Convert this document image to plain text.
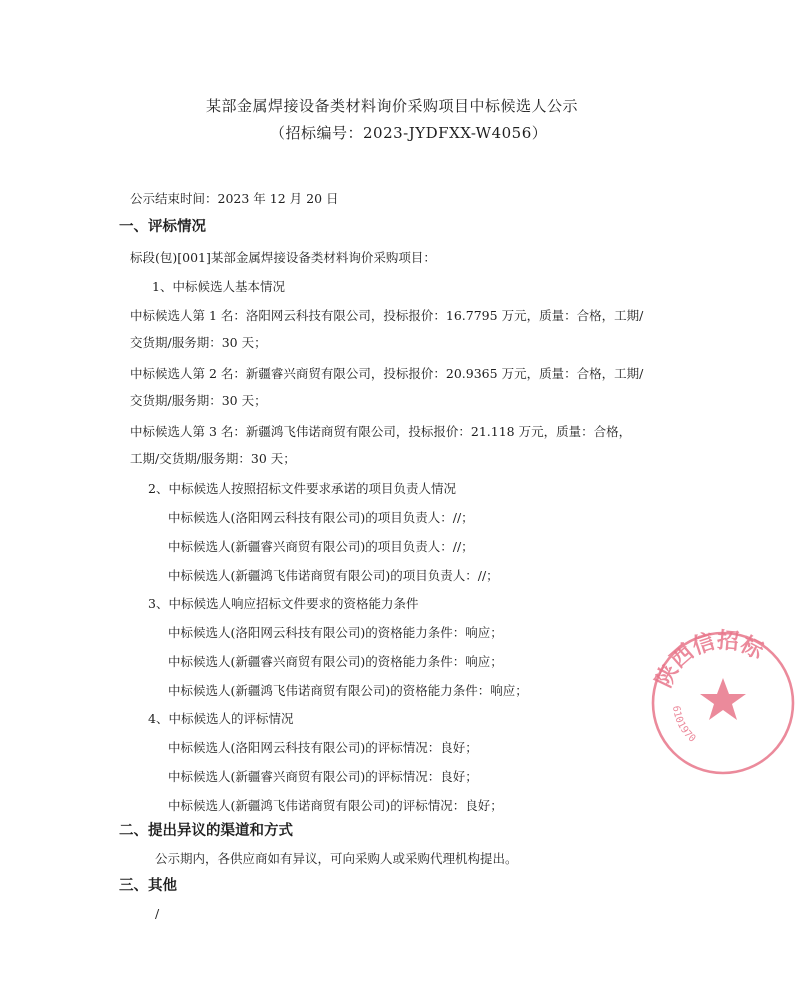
某部金属焊接设备类材料询价采购项目中标候选人公示
（招标编号：2023-JYDFXX-W4056）
公示结束时间：2023 年 12 月 20 日
一、评标情况
标段(包)[001]某部金属焊接设备类材料询价采购项目：
1、中标候选人基本情况
中标候选人第 1 名：洛阳网云科技有限公司，投标报价：16.7795 万元，质量：合格，工期/
交货期/服务期：30 天；
中标候选人第 2 名：新疆睿兴商贸有限公司，投标报价：20.9365 万元，质量：合格，工期/
交货期/服务期：30 天；
中标候选人第 3 名：新疆鸿飞伟诺商贸有限公司，投标报价：21.118 万元，质量：合格，
工期/交货期/服务期：30 天；
2、中标候选人按照招标文件要求承诺的项目负责人情况
中标候选人(洛阳网云科技有限公司)的项目负责人：//；
中标候选人(新疆睿兴商贸有限公司)的项目负责人：//；
中标候选人(新疆鸿飞伟诺商贸有限公司)的项目负责人：//；
3、中标候选人响应招标文件要求的资格能力条件
中标候选人(洛阳网云科技有限公司)的资格能力条件：响应；
中标候选人(新疆睿兴商贸有限公司)的资格能力条件：响应；
中标候选人(新疆鸿飞伟诺商贸有限公司)的资格能力条件：响应；
4、中标候选人的评标情况
中标候选人(洛阳网云科技有限公司)的评标情况：良好；
中标候选人(新疆睿兴商贸有限公司)的评标情况：良好；
中标候选人(新疆鸿飞伟诺商贸有限公司)的评标情况：良好；
二、提出异议的渠道和方式
公示期内，各供应商如有异议，可向采购人或采购代理机构提出。
三、其他
/
陕西信招标
6101970
